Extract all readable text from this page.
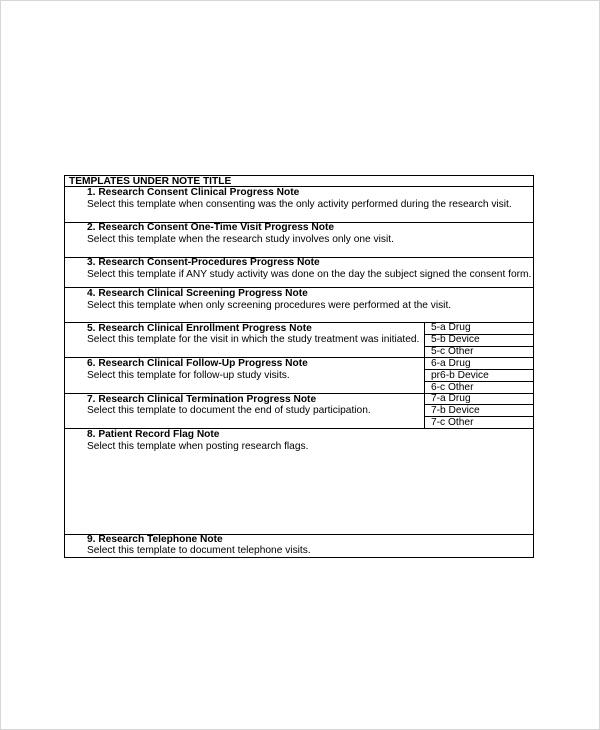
TEMPLATES UNDER NOTE TITLE
1. Research Consent Clinical Progress Note
Select this template when consenting was the only activity performed during the research visit.
2. Research Consent One-Time Visit Progress Note
Select this template when the research study involves only one visit.
3. Research Consent-Procedures Progress Note
Select this template if ANY study activity was done on the day the subject signed the consent form.
4. Research Clinical Screening Progress Note
Select this template when only screening procedures were performed at the visit.
5. Research Clinical Enrollment Progress Note
Select this template for the visit in which the study treatment was initiated.
5-a Drug
5-b Device
5-c Other
6. Research Clinical Follow-Up Progress Note
Select this template for follow-up study visits.
6-a Drug
pr6-b Device
6-c Other
7. Research Clinical Termination Progress Note
Select this template to document the end of study participation.
7-a Drug
7-b Device
7-c Other
8. Patient Record Flag Note
Select this template when posting research flags.
9. Research Telephone Note
Select this template to document telephone visits.
